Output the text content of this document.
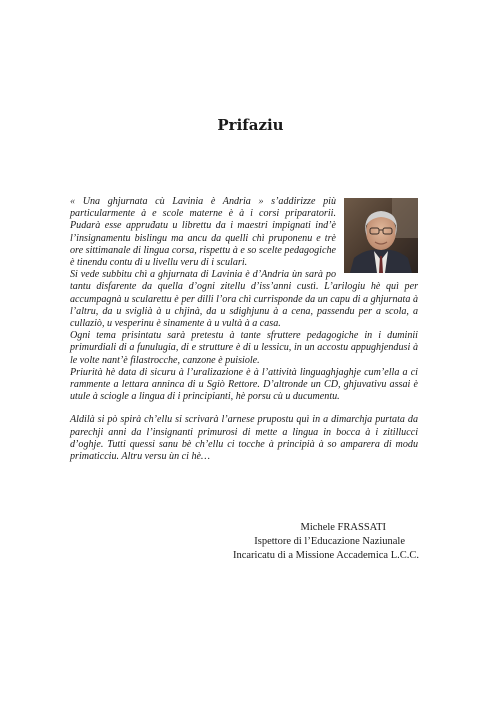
Prifaziu

« Una ghjurnata cù Lavinia è Andria » s’addirizze più particularmente à e scole materne è à i corsi priparatorii. Pudarà esse appruđatu u librettu da i maestri impignati ind’è l’insignamentu bislingu ma ancu da quelli chì pruponenu e trè ore sittimanale di lingua corsa, rispettu à e so scelte pedagogiche è tinendu contu di u livellu veru di i sculari.

Si vede subbitu chì a ghjurnata di Lavinia è d’Andria ùn sarà po tantu disfarente da quella d’ogni zitellu d’iss’anni custì. L’arilogiu hè quì per accumpagnà u scularettu è per dilli l’ora chì currisponde da un capu di a ghjurnata à l’altru, da u sviglià à u chjinà, da u sdighjunu à a cena, passendu per a scola, a cullaziò, u vesperinu è sinamente à u vultà à a casa.

Ogni tema prisintatu sarà pretestu à tante sfruttere pedagogiche in i duminii primurdiali di a funulugia, di e strutture è di u lessicu, in un accostu appughjendusi à le volte nant’è filastrocche, canzone è puisiole.

Priurità hè data di sicuru à l’uralizazione è à l’attività linguaghjaghje cum’ella a ci rammente a lettara anninca di u Sgiò Rettore. D’altronde un CD, ghjuvativu assai è utule à sciogle a lingua di i principianti, hè porsu cù u ducumentu.

Aldilà si pò spirà ch’ellu si scrivarà l’arnese prupostu quì in a dimarchja purtata da parechji anni da l’insignanti primurosi di mette a lingua in bocca à i zitillucci d’oghje. Tutti quessi sanu bè ch’ellu ci tocche à principià à so amparera di modu primaticciu. Altru versu ùn ci hè…

Michele FRASSATI
Ispettore di l’Educazione Naziunale
Incaricatu di a Missione Accademica L.C.C.
